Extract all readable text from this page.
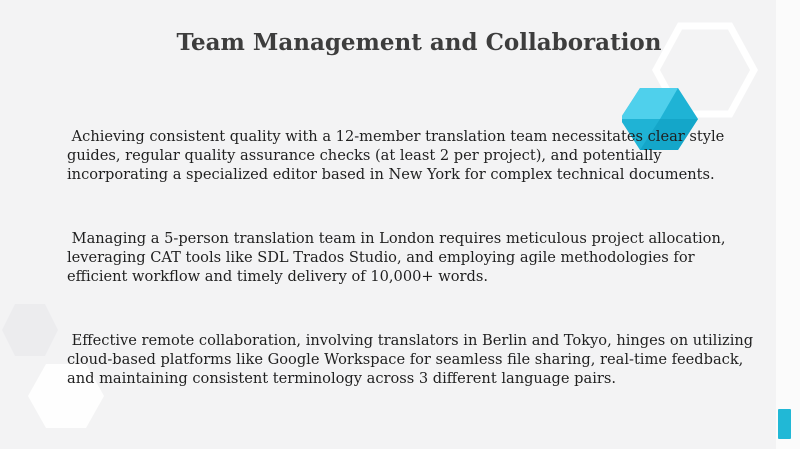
Team Management and Collaboration
Achieving consistent quality with a 12-member translation team necessitates clear style guides, regular quality assurance checks (at least 2 per project), and potentially incorporating a specialized editor based in New York for complex technical documents.
Managing a 5-person translation team in London requires meticulous project allocation, leveraging CAT tools like SDL Trados Studio, and employing agile methodologies for efficient workflow and timely delivery of 10,000+ words.
Effective remote collaboration, involving translators in Berlin and Tokyo, hinges on utilizing cloud-based platforms like Google Workspace for seamless file sharing, real-time feedback, and maintaining consistent terminology across 3 different language pairs.
